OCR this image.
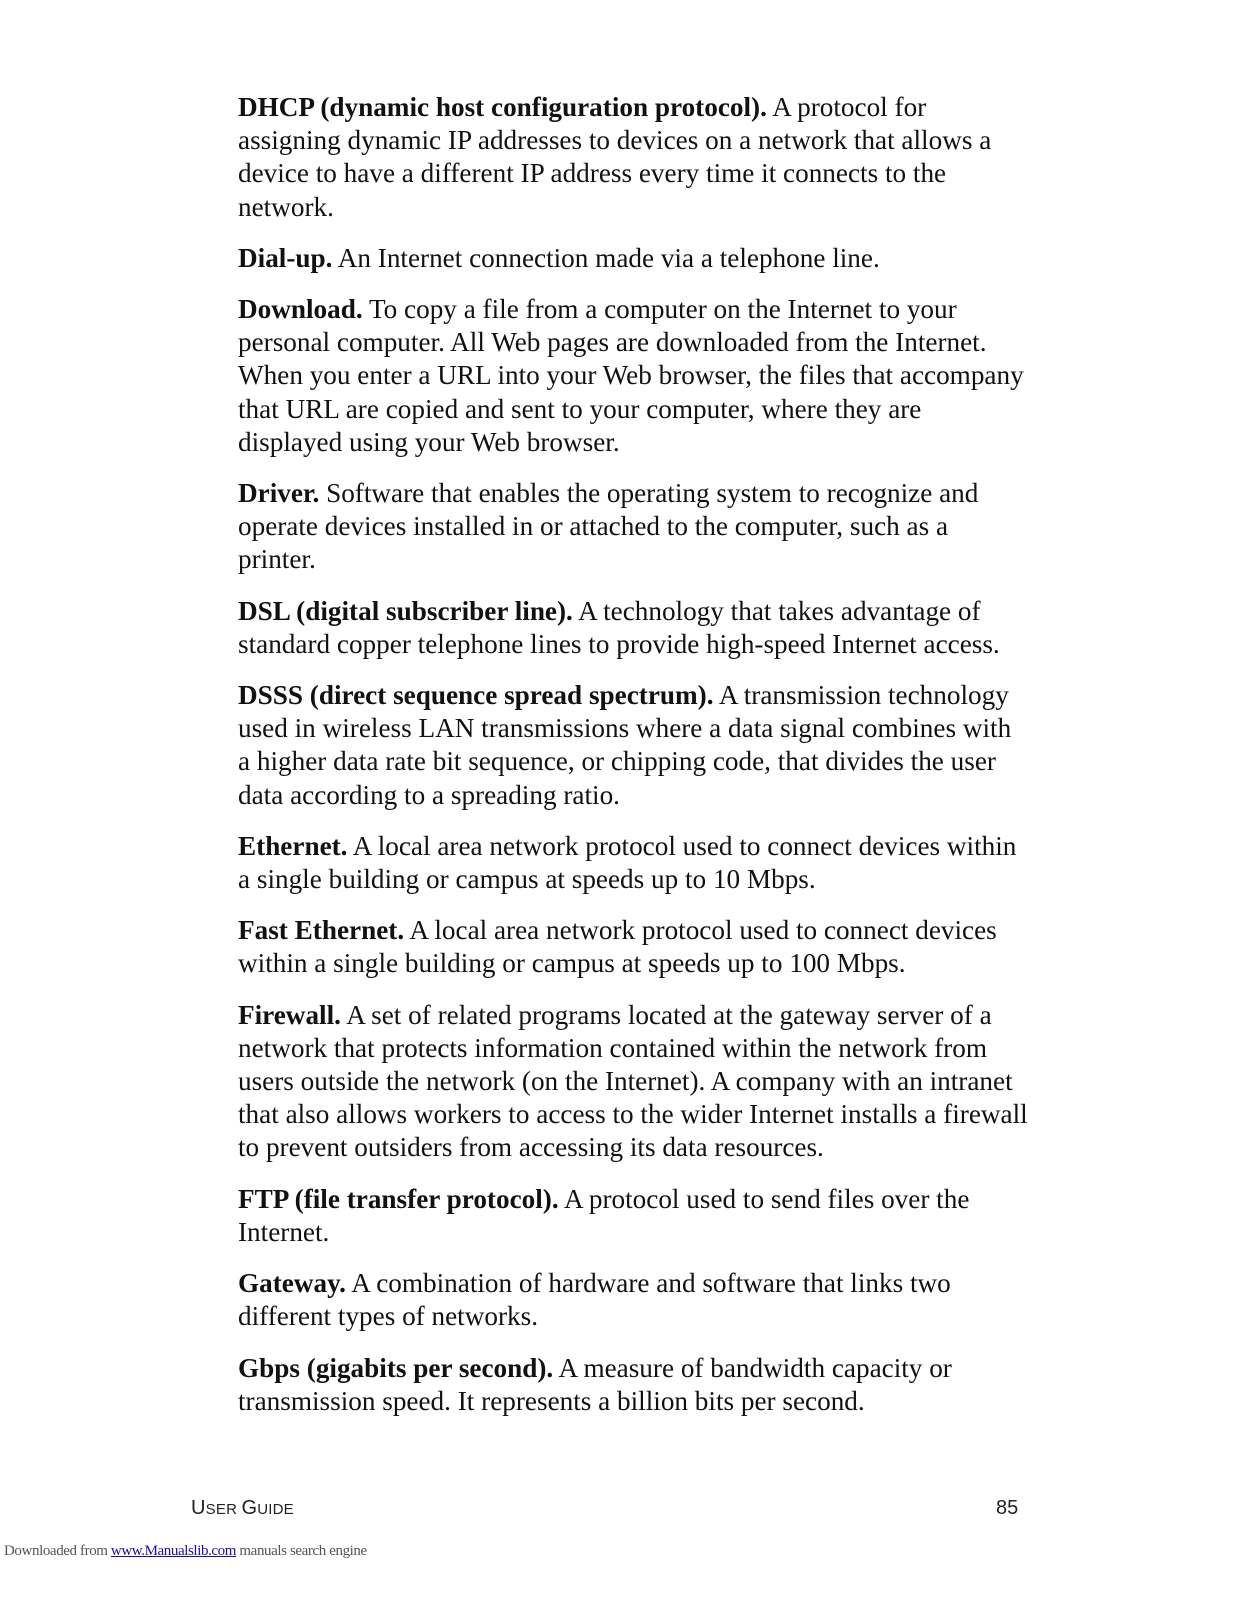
DHCP (dynamic host configuration protocol). A protocol for assigning dynamic IP addresses to devices on a network that allows a device to have a different IP address every time it connects to the network.

Dial-up. An Internet connection made via a telephone line.

Download. To copy a file from a computer on the Internet to your personal computer. All Web pages are downloaded from the Internet. When you enter a URL into your Web browser, the files that accompany that URL are copied and sent to your computer, where they are displayed using your Web browser.

Driver. Software that enables the operating system to recognize and operate devices installed in or attached to the computer, such as a printer.

DSL (digital subscriber line). A technology that takes advantage of standard copper telephone lines to provide high-speed Internet access.

DSSS (direct sequence spread spectrum). A transmission technology used in wireless LAN transmissions where a data signal combines with a higher data rate bit sequence, or chipping code, that divides the user data according to a spreading ratio.

Ethernet. A local area network protocol used to connect devices within a single building or campus at speeds up to 10 Mbps.

Fast Ethernet. A local area network protocol used to connect devices within a single building or campus at speeds up to 100 Mbps.

Firewall. A set of related programs located at the gateway server of a network that protects information contained within the network from users outside the network (on the Internet). A company with an intranet that also allows workers to access to the wider Internet installs a firewall to prevent outsiders from accessing its data resources.

FTP (file transfer protocol). A protocol used to send files over the Internet.

Gateway. A combination of hardware and software that links two different types of networks.

Gbps (gigabits per second). A measure of bandwidth capacity or transmission speed. It represents a billion bits per second.

USER GUIDE	85
Downloaded from www.Manualslib.com manuals search engine
